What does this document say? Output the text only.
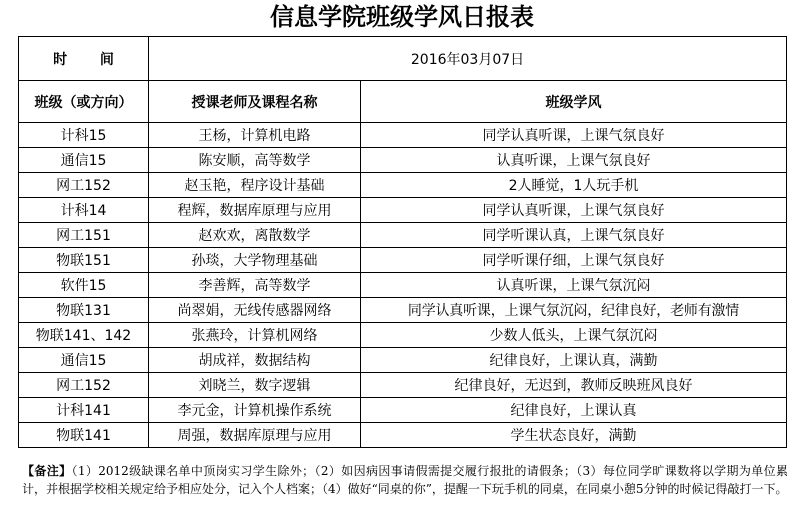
信息学院班级学风日报表
时 间	2016年03月07日	
班级（或方向）	授课老师及课程名称	班级学风
计科15	王杨，计算机电路	同学认真听课，上课气氛良好
通信15	陈安顺，高等数学	认真听课，上课气氛良好
网工152	赵玉艳，程序设计基础	2人睡觉，1人玩手机
计科14	程辉，数据库原理与应用	同学认真听课，上课气氛良好
网工151	赵欢欢，离散数学	同学听课认真，上课气氛良好
物联151	孙琰，大学物理基础	同学听课仔细，上课气氛良好
软件15	李善辉，高等数学	认真听课，上课气氛沉闷
物联131	尚翠娟，无线传感器网络	同学认真听课，上课气氛沉闷，纪律良好，老师有激情
物联141、142	张燕玲，计算机网络	少数人低头，上课气氛沉闷
通信15	胡成祥，数据结构	纪律良好，上课认真，满勤
网工152	刘晓兰，数字逻辑	纪律良好，无迟到，教师反映班风良好
计科141	李元金，计算机操作系统	纪律良好，上课认真
物联141	周强，数据库原理与应用	学生状态良好，满勤
【备注】（1）2012级缺课名单中顶岗实习学生除外；（2）如因病因事请假需提交履行报批的请假条；（3）每位同学旷课数将以学期为单位累计，并根据学校相关规定给予相应处分，记入个人档案；（4）做好“同桌的你”，提醒一下玩手机的同桌，在同桌小憩5分钟的时候记得敲打一下。
